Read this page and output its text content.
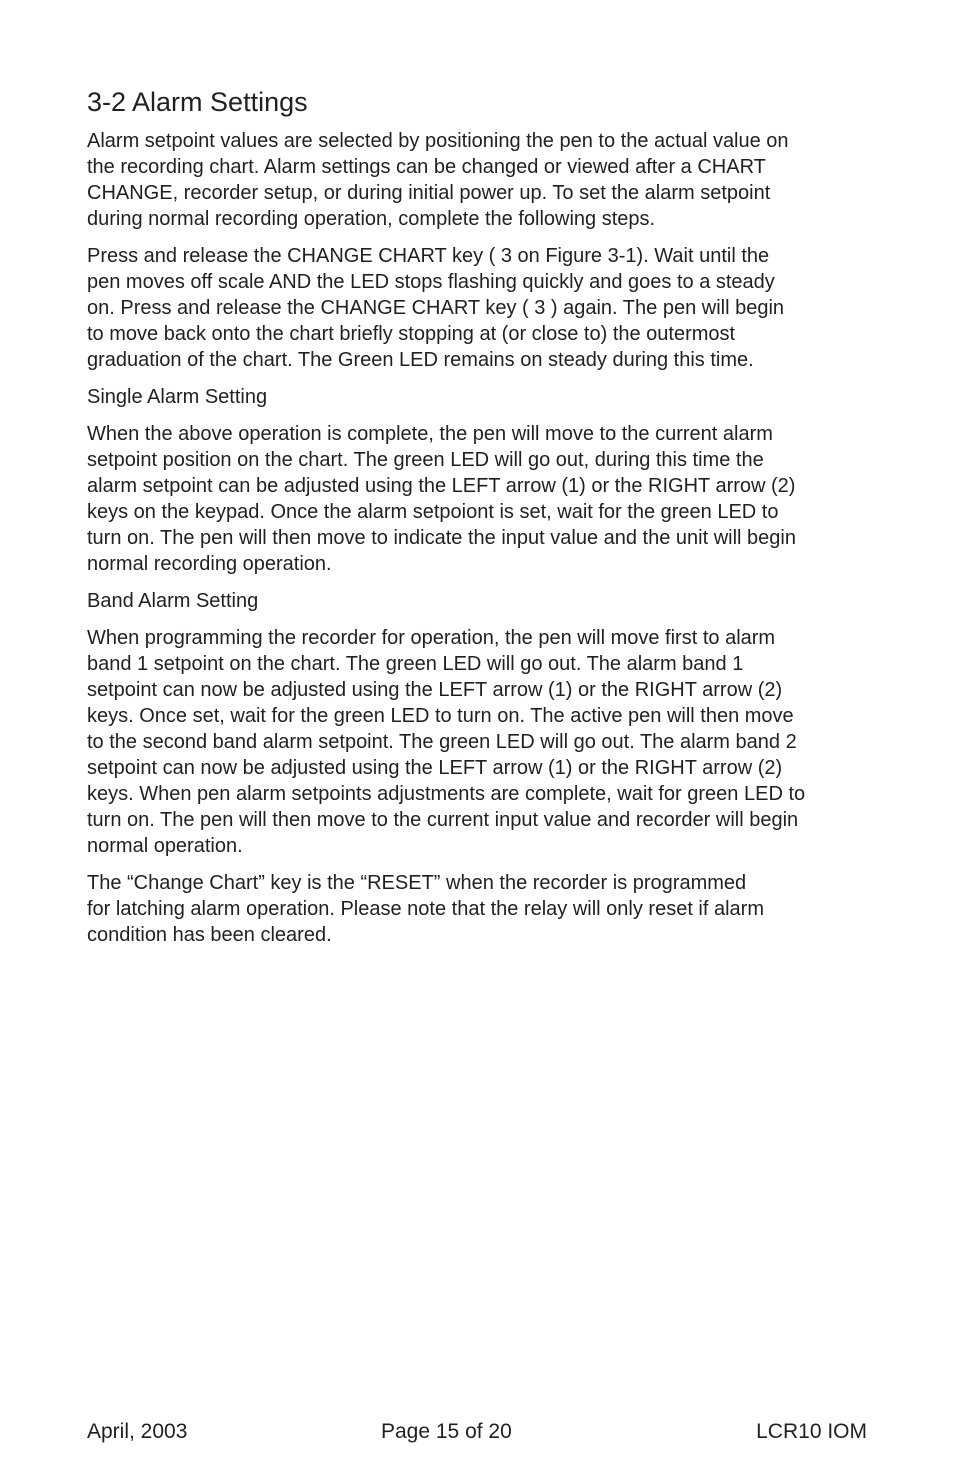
3-2 Alarm Settings

Alarm setpoint values are selected by positioning the pen to the actual value on
the recording chart. Alarm settings can be changed or viewed after a CHART
CHANGE, recorder setup, or during initial power up. To set the alarm setpoint
during normal recording operation, complete the following steps.

Press and release the CHANGE CHART key ( 3 on Figure 3-1). Wait until the
pen moves off scale AND the LED stops flashing quickly and goes to a steady
on. Press and release the CHANGE CHART key ( 3 ) again. The pen will begin
to move back onto the chart briefly stopping at (or close to) the outermost
graduation of the chart. The Green LED remains on steady during this time.

Single Alarm Setting

When the above operation is complete, the pen will move to the current alarm
setpoint position on the chart. The green LED will go out, during this time the
alarm setpoint can be adjusted using the LEFT arrow (1) or the RIGHT arrow (2)
keys on the keypad. Once the alarm setpoiont is set, wait for the green LED to
turn on. The pen will then move to indicate the input value and the unit will begin
normal recording operation.

Band Alarm Setting

When programming the recorder for operation, the pen will move first to alarm
band 1 setpoint on the chart. The green LED will go out. The alarm band 1
setpoint can now be adjusted using the LEFT arrow (1) or the RIGHT arrow (2)
keys. Once set, wait for the green LED to turn on. The active pen will then move
to the second band alarm setpoint. The green LED will go out. The alarm band 2
setpoint can now be adjusted using the LEFT arrow (1) or the RIGHT arrow (2)
keys. When pen alarm setpoints adjustments are complete, wait for green LED to
turn on. The pen will then move to the current input value and recorder will begin
normal operation.

The “Change Chart” key is the “RESET” when the recorder is programmed
for latching alarm operation. Please note that the relay will only reset if alarm
condition has been cleared.

April, 2003	Page 15 of 20	LCR10 IOM
